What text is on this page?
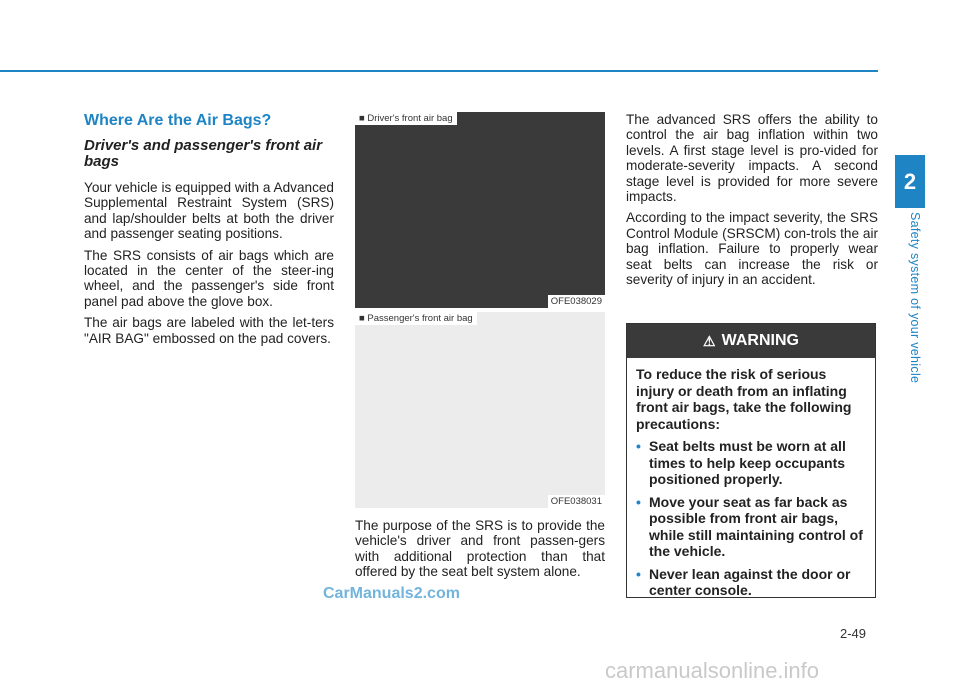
2
Safety system of your vehicle
Where Are the Air Bags?
Driver's and passenger's front air bags

Your vehicle is equipped with a Advanced Supplemental Restraint System (SRS) and lap/shoulder belts at both the driver and passenger seating positions.

The SRS consists of air bags which are located in the center of the steer-ing wheel, and the passenger's side front panel pad above the glove box.

The air bags are labeled with the let-ters "AIR BAG" embossed on the pad covers.

■ Driver's front air bag
OFE038029
■ Passenger's front air bag
OFE038031

The purpose of the SRS is to provide the vehicle's driver and front passen-gers with additional protection than that offered by the seat belt system alone.

The advanced SRS offers the ability to control the air bag inflation within two levels. A first stage level is pro-vided for moderate-severity impacts. A second stage level is provided for more severe impacts.

According to the impact severity, the SRS Control Module (SRSCM) con-trols the air bag inflation. Failure to properly wear seat belts can increase the risk or severity of injury in an accident.

⚠ WARNING

To reduce the risk of serious injury or death from an inflating front air bags, take the following precautions:

• Seat belts must be worn at all times to help keep occupants positioned properly.
• Move your seat as far back as possible from front air bags, while still maintaining control of the vehicle.
• Never lean against the door or center console.
2-49
CarManuals2.com
carmanualsonline.info
